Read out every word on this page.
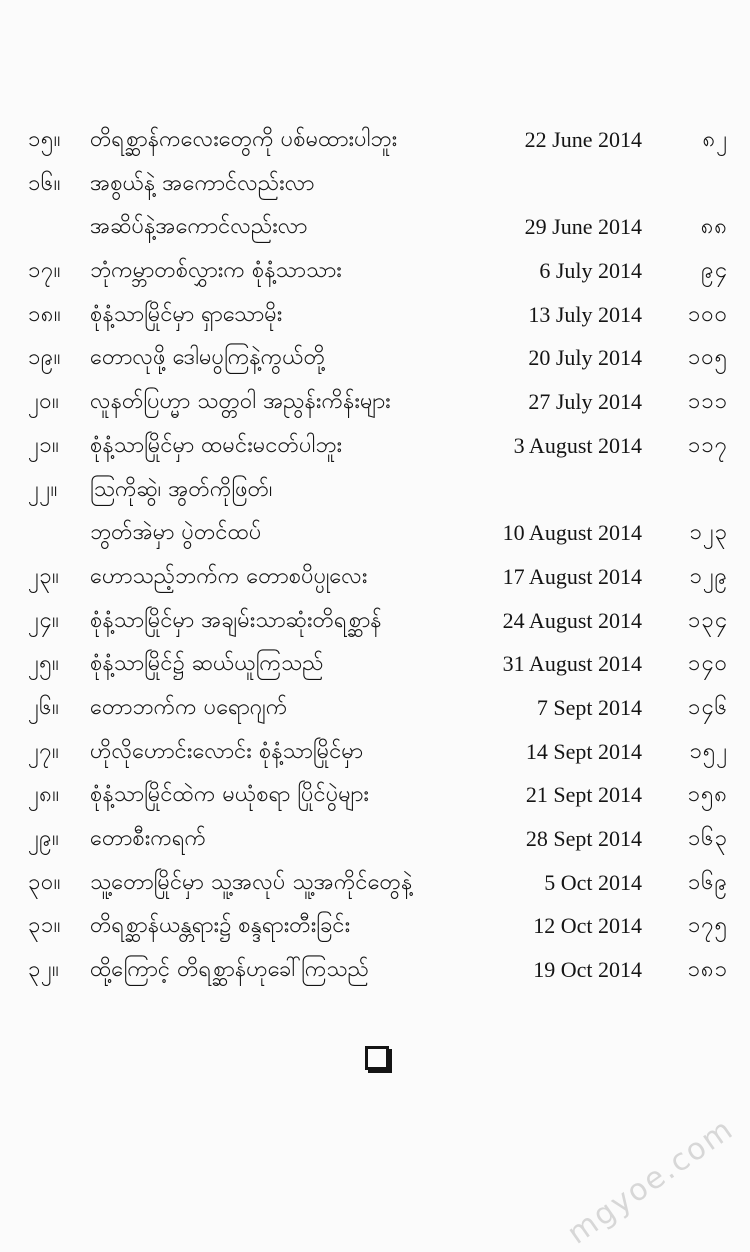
၁၅။	တိရစ္ဆာန်ကလေးတွေကို ပစ်မထားပါဘူး	22 June 2014	၈၂
၁၆။	အစွယ်နဲ့ အကောင်လည်းလာ
အဆိပ်နဲ့အကောင်လည်းလာ	29 June 2014	၈၈
၁၇။	ဘုံကမ္ဘာတစ်လွှားက စုံနံ့သာသား	6 July 2014	၉၄
၁၈။	စုံနံ့သာမြိုင်မှာ ရှာသောမိုး	13 July 2014	၁၀၀
၁၉။	တောလုဖို့ ဒေါမပွကြနဲ့ကွယ်တို့	20 July 2014	၁၀၅
၂၀။	လူနတ်ပြဟ္မာ သတ္တဝါ အညွန်းကိန်းများ	27 July 2014	၁၁၁
၂၁။	စုံနံ့သာမြိုင်မှာ ထမင်းမငတ်ပါဘူး	3 August 2014	၁၁၇
၂၂။	ဩကိုဆွဲ၊ အွတ်ကိုဖြတ်၊
ဘွတ်အဲမှာ ပွဲတင်ထပ်	10 August 2014	၁၂၃
၂၃။	ဟောသည့်ဘက်က တောစပိပ္ပုလေး	17 August 2014	၁၂၉
၂၄။	စုံနံ့သာမြိုင်မှာ အချမ်းသာဆုံးတိရစ္ဆာန်	24 August 2014	၁၃၄
၂၅။	စုံနံ့သာမြိုင်၌ ဆယ်ယူကြသည်	31 August 2014	၁၄၀
၂၆။	တောဘက်က ပရောဂျက်	7 Sept 2014	၁၄၆
၂၇။	ဟိုလိုဟောင်းလောင်း စုံနံ့သာမြိုင်မှာ	14 Sept 2014	၁၅၂
၂၈။	စုံနံ့သာမြိုင်ထဲက မယုံစရာ ပြိုင်ပွဲများ	21 Sept 2014	၁၅၈
၂၉။	တောစီးကရက်	28 Sept 2014	၁၆၃
၃၀။	သူ့တောမြိုင်မှာ သူ့အလုပ် သူ့အကိုင်တွေနဲ့	5 Oct 2014	၁၆၉
၃၁။	တိရစ္ဆာန်ယန္တရား၌ စန္ဒရားတီးခြင်း	12 Oct 2014	၁၇၅
၃၂။	ထို့ကြောင့် တိရစ္ဆာန်ဟုခေါ်ကြသည်	19 Oct 2014	၁၈၁
mgyoe.com
